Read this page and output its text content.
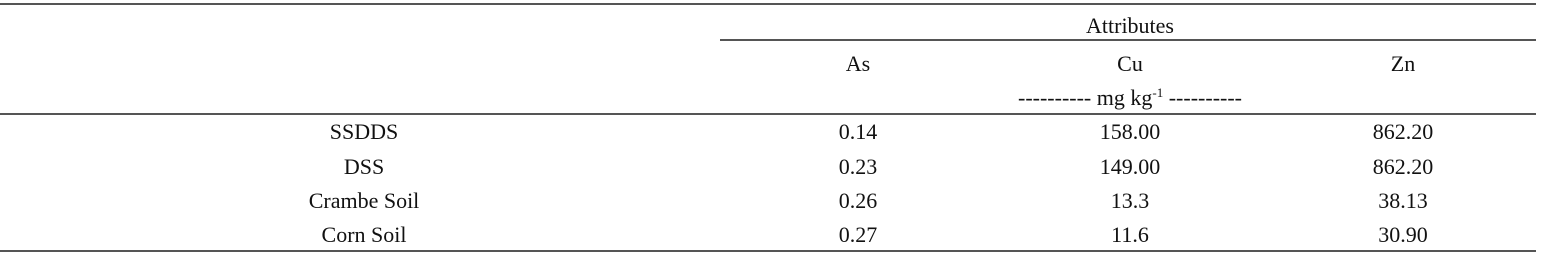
Attributes
As	Cu	Zn
---------- mg $kg^{-1}$ ----------
SSDDS	0.14	158.00	862.20
DSS	0.23	149.00	862.20
Crambe Soil	0.26	13.3	38.13
Corn Soil	0.27	11.6	30.90
